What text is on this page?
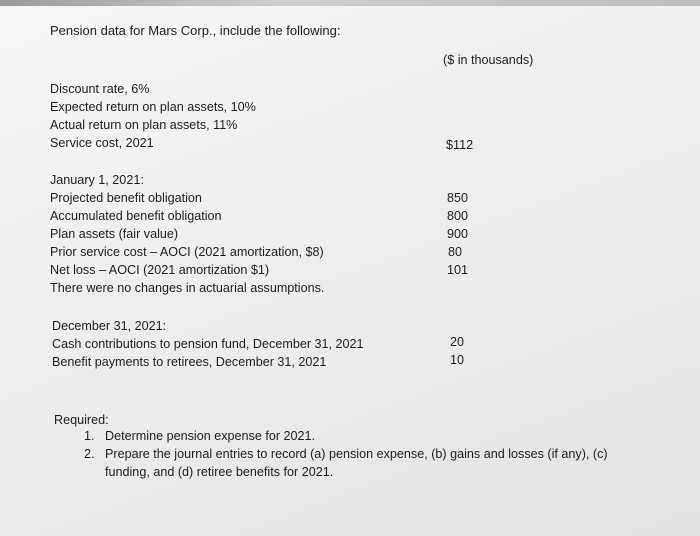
Pension data for Mars Corp., include the following:
($ in thousands)
Discount rate, 6%
Expected return on plan assets, 10%
Actual return on plan assets, 11%
Service cost, 2021	$112
January 1, 2021:
Projected benefit obligation	850
Accumulated benefit obligation	800
Plan assets (fair value)	900
Prior service cost – AOCI (2021 amortization, $8)	80
Net loss – AOCI (2021 amortization $1)	101
There were no changes in actuarial assumptions.
December 31, 2021:
Cash contributions to pension fund, December 31, 2021	20
Benefit payments to retirees, December 31, 2021	10
Required:
1. Determine pension expense for 2021.
2. Prepare the journal entries to record (a) pension expense, (b) gains and losses (if any), (c)
funding, and (d) retiree benefits for 2021.
